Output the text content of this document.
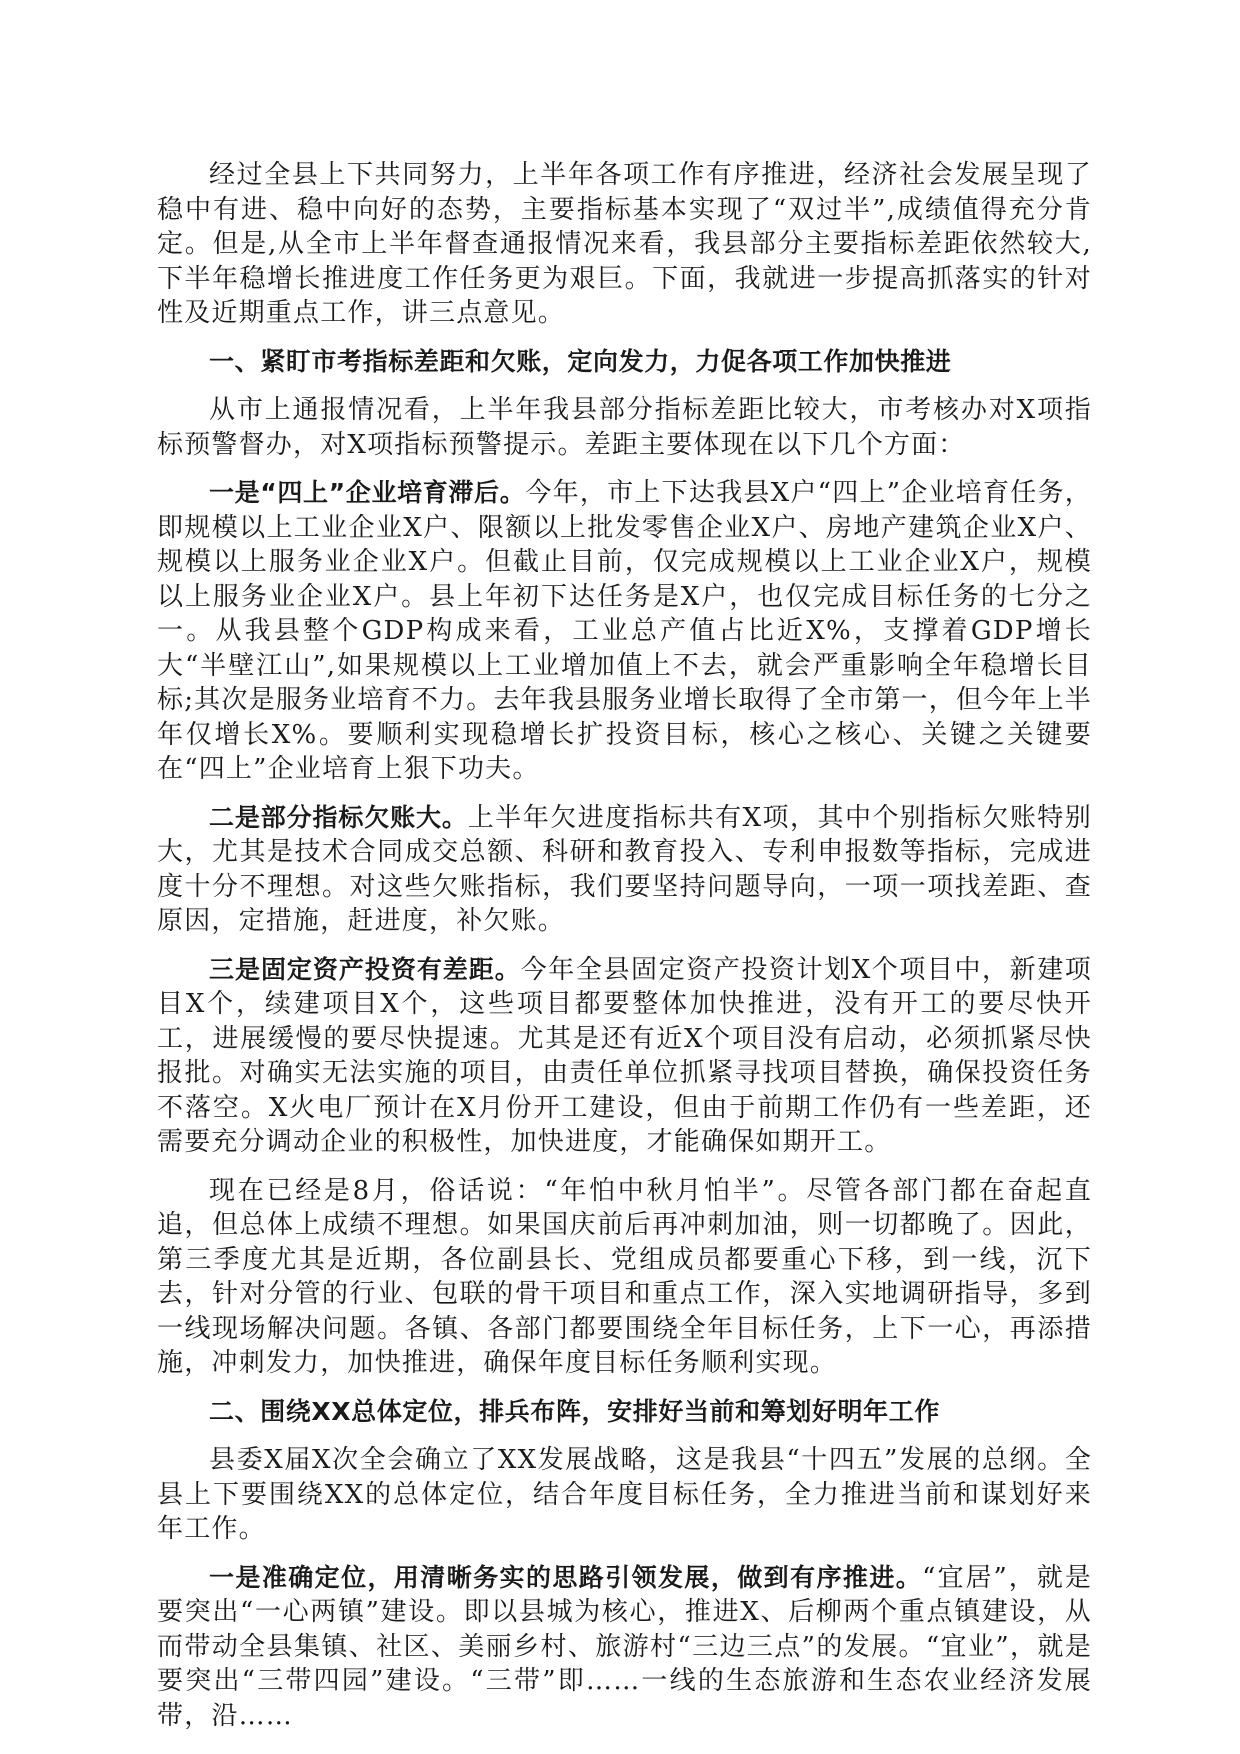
经过全县上下共同努力，上半年各项工作有序推进，经济社会发展呈现了稳中有进、稳中向好的态势，主要指标基本实现了“双过半”,成绩值得充分肯定。但是,从全市上半年督查通报情况来看，我县部分主要指标差距依然较大,下半年稳增长推进度工作任务更为艰巨。下面，我就进一步提高抓落实的针对性及近期重点工作，讲三点意见。

一、紧盯市考指标差距和欠账，定向发力，力促各项工作加快推进

从市上通报情况看，上半年我县部分指标差距比较大，市考核办对X项指标预警督办，对X项指标预警提示。差距主要体现在以下几个方面：

一是“四上”企业培育滞后。今年，市上下达我县X户“四上”企业培育任务，即规模以上工业企业X户、限额以上批发零售企业X户、房地产建筑企业X户、规模以上服务业企业X户。但截止目前，仅完成规模以上工业企业X户，规模以上服务业企业X户。县上年初下达任务是X户，也仅完成目标任务的七分之一。从我县整个GDP构成来看，工业总产值占比近X%，支撑着GDP增长大“半壁江山”,如果规模以上工业增加值上不去，就会严重影响全年稳增长目标;其次是服务业培育不力。去年我县服务业增长取得了全市第一，但今年上半年仅增长X%。要顺利实现稳增长扩投资目标，核心之核心、关键之关键要在“四上”企业培育上狠下功夫。

二是部分指标欠账大。上半年欠进度指标共有X项，其中个别指标欠账特别大，尤其是技术合同成交总额、科研和教育投入、专利申报数等指标，完成进度十分不理想。对这些欠账指标，我们要坚持问题导向，一项一项找差距、查原因，定措施，赶进度，补欠账。

三是固定资产投资有差距。今年全县固定资产投资计划X个项目中，新建项目X个，续建项目X个，这些项目都要整体加快推进，没有开工的要尽快开工，进展缓慢的要尽快提速。尤其是还有近X个项目没有启动，必须抓紧尽快报批。对确实无法实施的项目，由责任单位抓紧寻找项目替换，确保投资任务不落空。X火电厂预计在X月份开工建设，但由于前期工作仍有一些差距，还需要充分调动企业的积极性，加快进度，才能确保如期开工。

现在已经是8月，俗话说：“年怕中秋月怕半”。尽管各部门都在奋起直追，但总体上成绩不理想。如果国庆前后再冲刺加油，则一切都晚了。因此，第三季度尤其是近期，各位副县长、党组成员都要重心下移，到一线，沉下去，针对分管的行业、包联的骨干项目和重点工作，深入实地调研指导，多到一线现场解决问题。各镇、各部门都要围绕全年目标任务，上下一心，再添措施，冲刺发力，加快推进，确保年度目标任务顺利实现。

二、围绕XX总体定位，排兵布阵，安排好当前和筹划好明年工作

县委X届X次全会确立了XX发展战略，这是我县“十四五”发展的总纲。全县上下要围绕XX的总体定位，结合年度目标任务，全力推进当前和谋划好来年工作。

一是准确定位，用清晰务实的思路引领发展，做到有序推进。“宜居”，就是要突出“一心两镇”建设。即以县城为核心，推进X、后柳两个重点镇建设，从而带动全县集镇、社区、美丽乡村、旅游村“三边三点”的发展。“宜业”，就是要突出“三带四园”建设。“三带”即……一线的生态旅游和生态农业经济发展带，沿……
